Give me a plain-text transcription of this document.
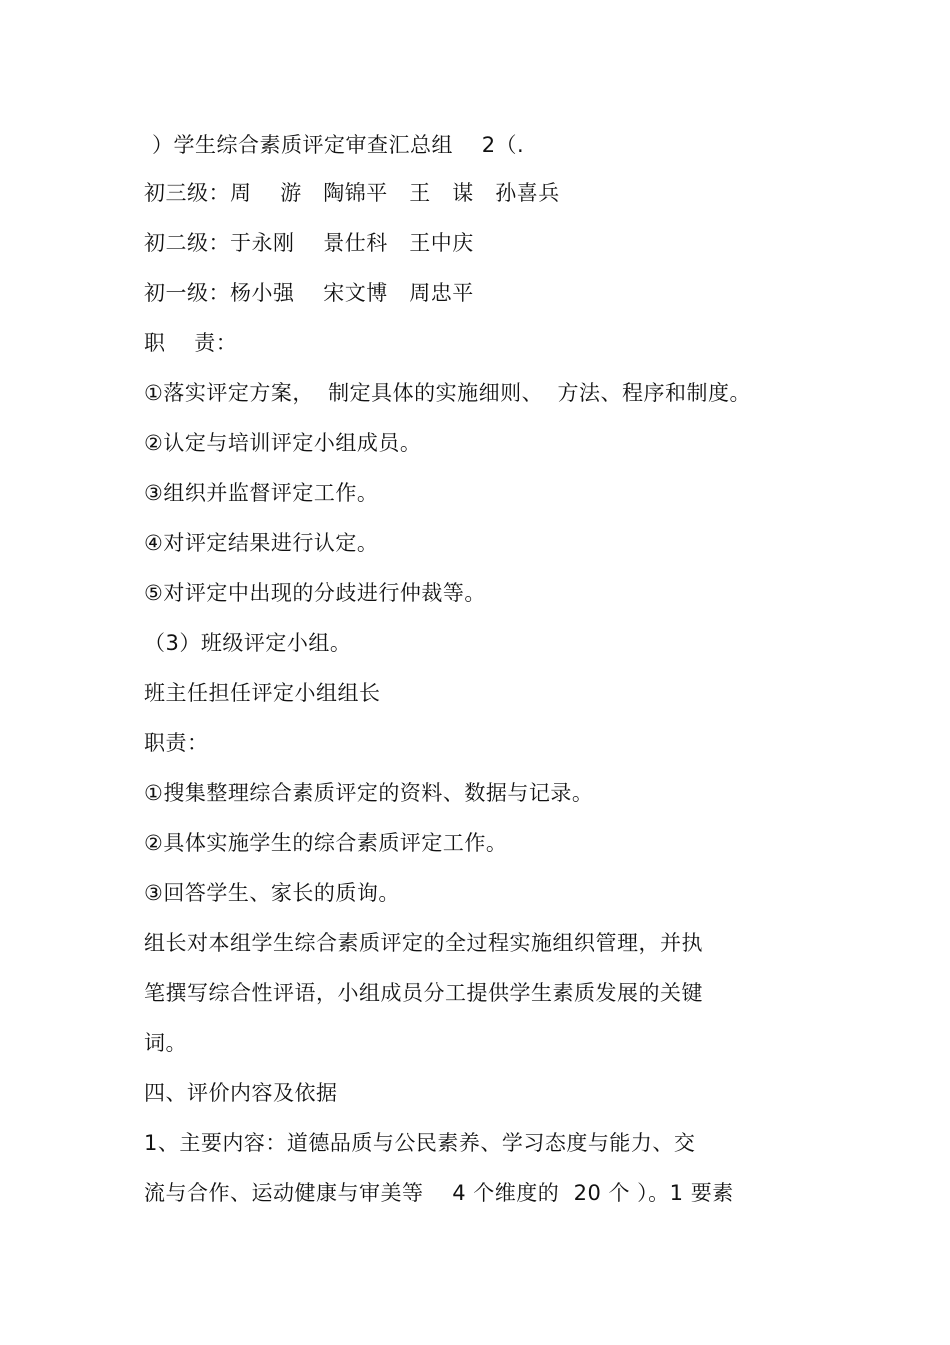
）学生综合素质评定审查汇总组    2（.
初三级：周    游   陶锦平   王   谋   孙喜兵
初二级：于永刚    景仕科   王中庆
初一级：杨小强    宋文博   周忠平
职    责：
①落实评定方案，  制定具体的实施细则、  方法、程序和制度。
②认定与培训评定小组成员。
③组织并监督评定工作。
④对评定结果进行认定。
⑤对评定中出现的分歧进行仲裁等。
（3）班级评定小组。
班主任担任评定小组组长
职责：
①搜集整理综合素质评定的资料、数据与记录。
②具体实施学生的综合素质评定工作。
③回答学生、家长的质询。
组长对本组学生综合素质评定的全过程实施组织管理，并执
笔撰写综合性评语，小组成员分工提供学生素质发展的关键
词。
四、评价内容及依据
1、主要内容：道德品质与公民素养、学习态度与能力、交
流与合作、运动健康与审美等    4 个维度的  20 个 ）。1 要素
